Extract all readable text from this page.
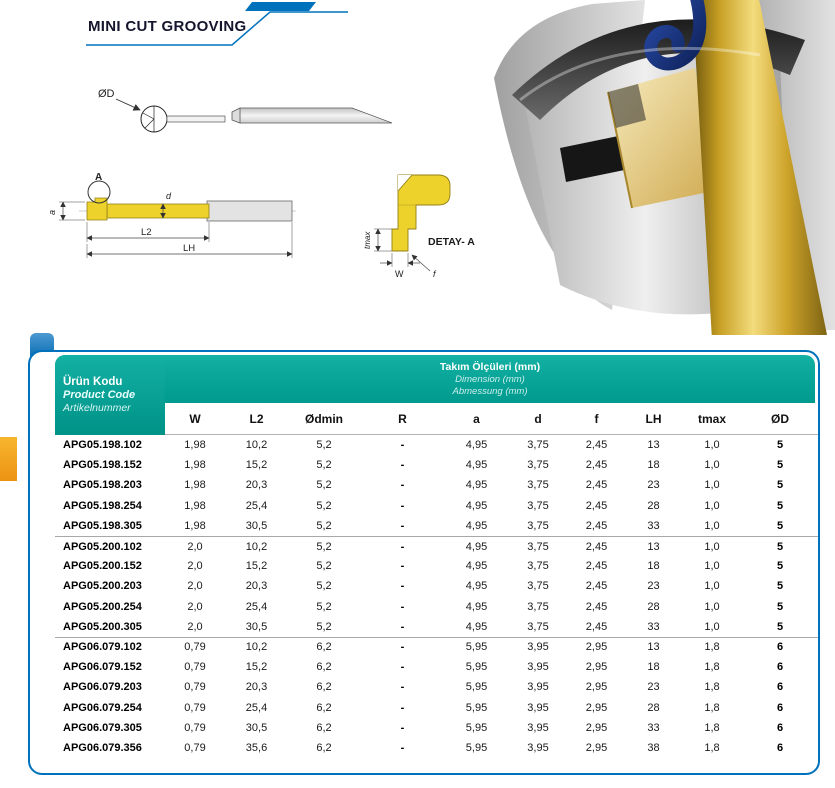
MINI CUT GROOVING
ØD
A
a
d
L2
LH	tmax
W	f
DETAY- A
Ürün Kodu
Product Code
Artikelnummer
Takım Ölçüleri (mm)
Dimension (mm)
Abmessung (mm)
W	L2	Ødmin	R	a	d	f	LH	tmax	ØD
APG05.198.102	1,98	10,2	5,2	-	4,95	3,75	2,45	13	1,0	5
APG05.198.152	1,98	15,2	5,2	-	4,95	3,75	2,45	18	1,0	5
APG05.198.203	1,98	20,3	5,2	-	4,95	3,75	2,45	23	1,0	5
APG05.198.254	1,98	25,4	5,2	-	4,95	3,75	2,45	28	1,0	5
APG05.198.305	1,98	30,5	5,2	-	4,95	3,75	2,45	33	1,0	5
APG05.200.102	2,0	10,2	5,2	-	4,95	3,75	2,45	13	1,0	5
APG05.200.152	2,0	15,2	5,2	-	4,95	3,75	2,45	18	1,0	5
APG05.200.203	2,0	20,3	5,2	-	4,95	3,75	2,45	23	1,0	5
APG05.200.254	2,0	25,4	5,2	-	4,95	3,75	2,45	28	1,0	5
APG05.200.305	2,0	30,5	5,2	-	4,95	3,75	2,45	33	1,0	5
APG06.079.102	0,79	10,2	6,2	-	5,95	3,95	2,95	13	1,8	6
APG06.079.152	0,79	15,2	6,2	-	5,95	3,95	2,95	18	1,8	6
APG06.079.203	0,79	20,3	6,2	-	5,95	3,95	2,95	23	1,8	6
APG06.079.254	0,79	25,4	6,2	-	5,95	3,95	2,95	28	1,8	6
APG06.079.305	0,79	30,5	6,2	-	5,95	3,95	2,95	33	1,8	6
APG06.079.356	0,79	35,6	6,2	-	5,95	3,95	2,95	38	1,8	6
